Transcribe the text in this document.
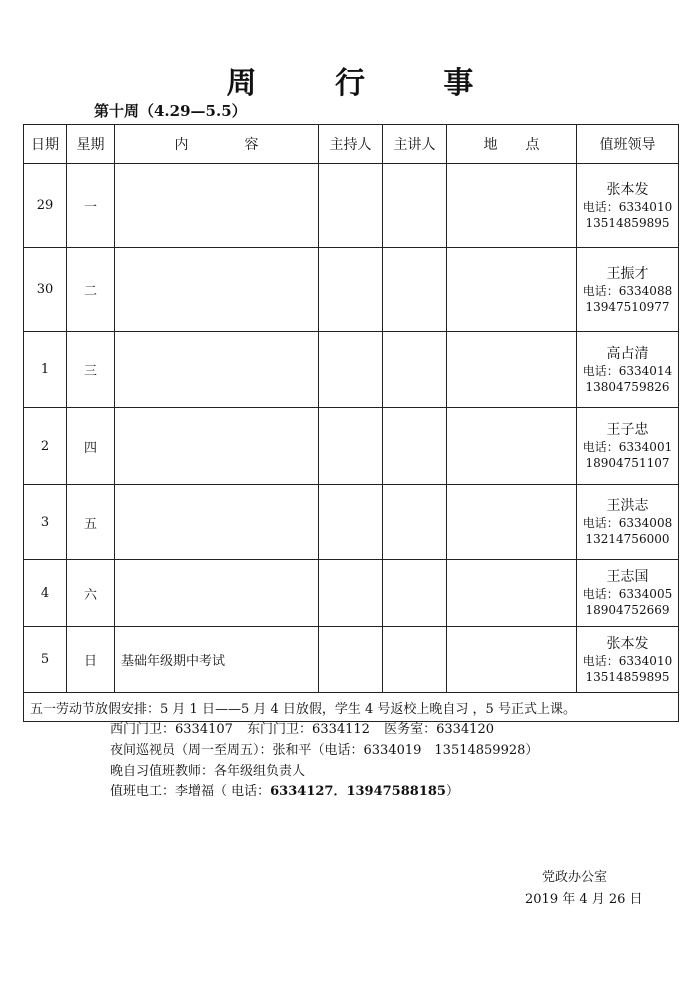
周 行 事
第十周（4.29—5.5）
日期	星期	内　　　　容	主持人	主讲人	地　　点	值班领导
29	一					张本发
电话：6334010
13514859895

30	二					王振才
电话：6334088
13947510977

1	三					高占清
电话：6334014
13804759826

2	四					王子忠
电话：6334001
18904751107

3	五					王洪志
电话：6334008
13214756000

4	六					王志国
电话：6334005
18904752669

5	日	基础年级期中考试				张本发
电话：6334010
13514859895

五一劳动节放假安排：5 月 1 日——5 月 4 日放假，学生 4 号返校上晚自习 ，5 号正式上课。						
西门门卫：6334107 东门门卫：6334112 医务室：6334120
夜间巡视员（周一至周五）：张和平（电话：6334019　13514859928）
晚自习值班教师：各年级组负责人
值班电工：李增福（ 电话：6334127．13947588185）
党政办公室
2019 年 4 月 26 日
